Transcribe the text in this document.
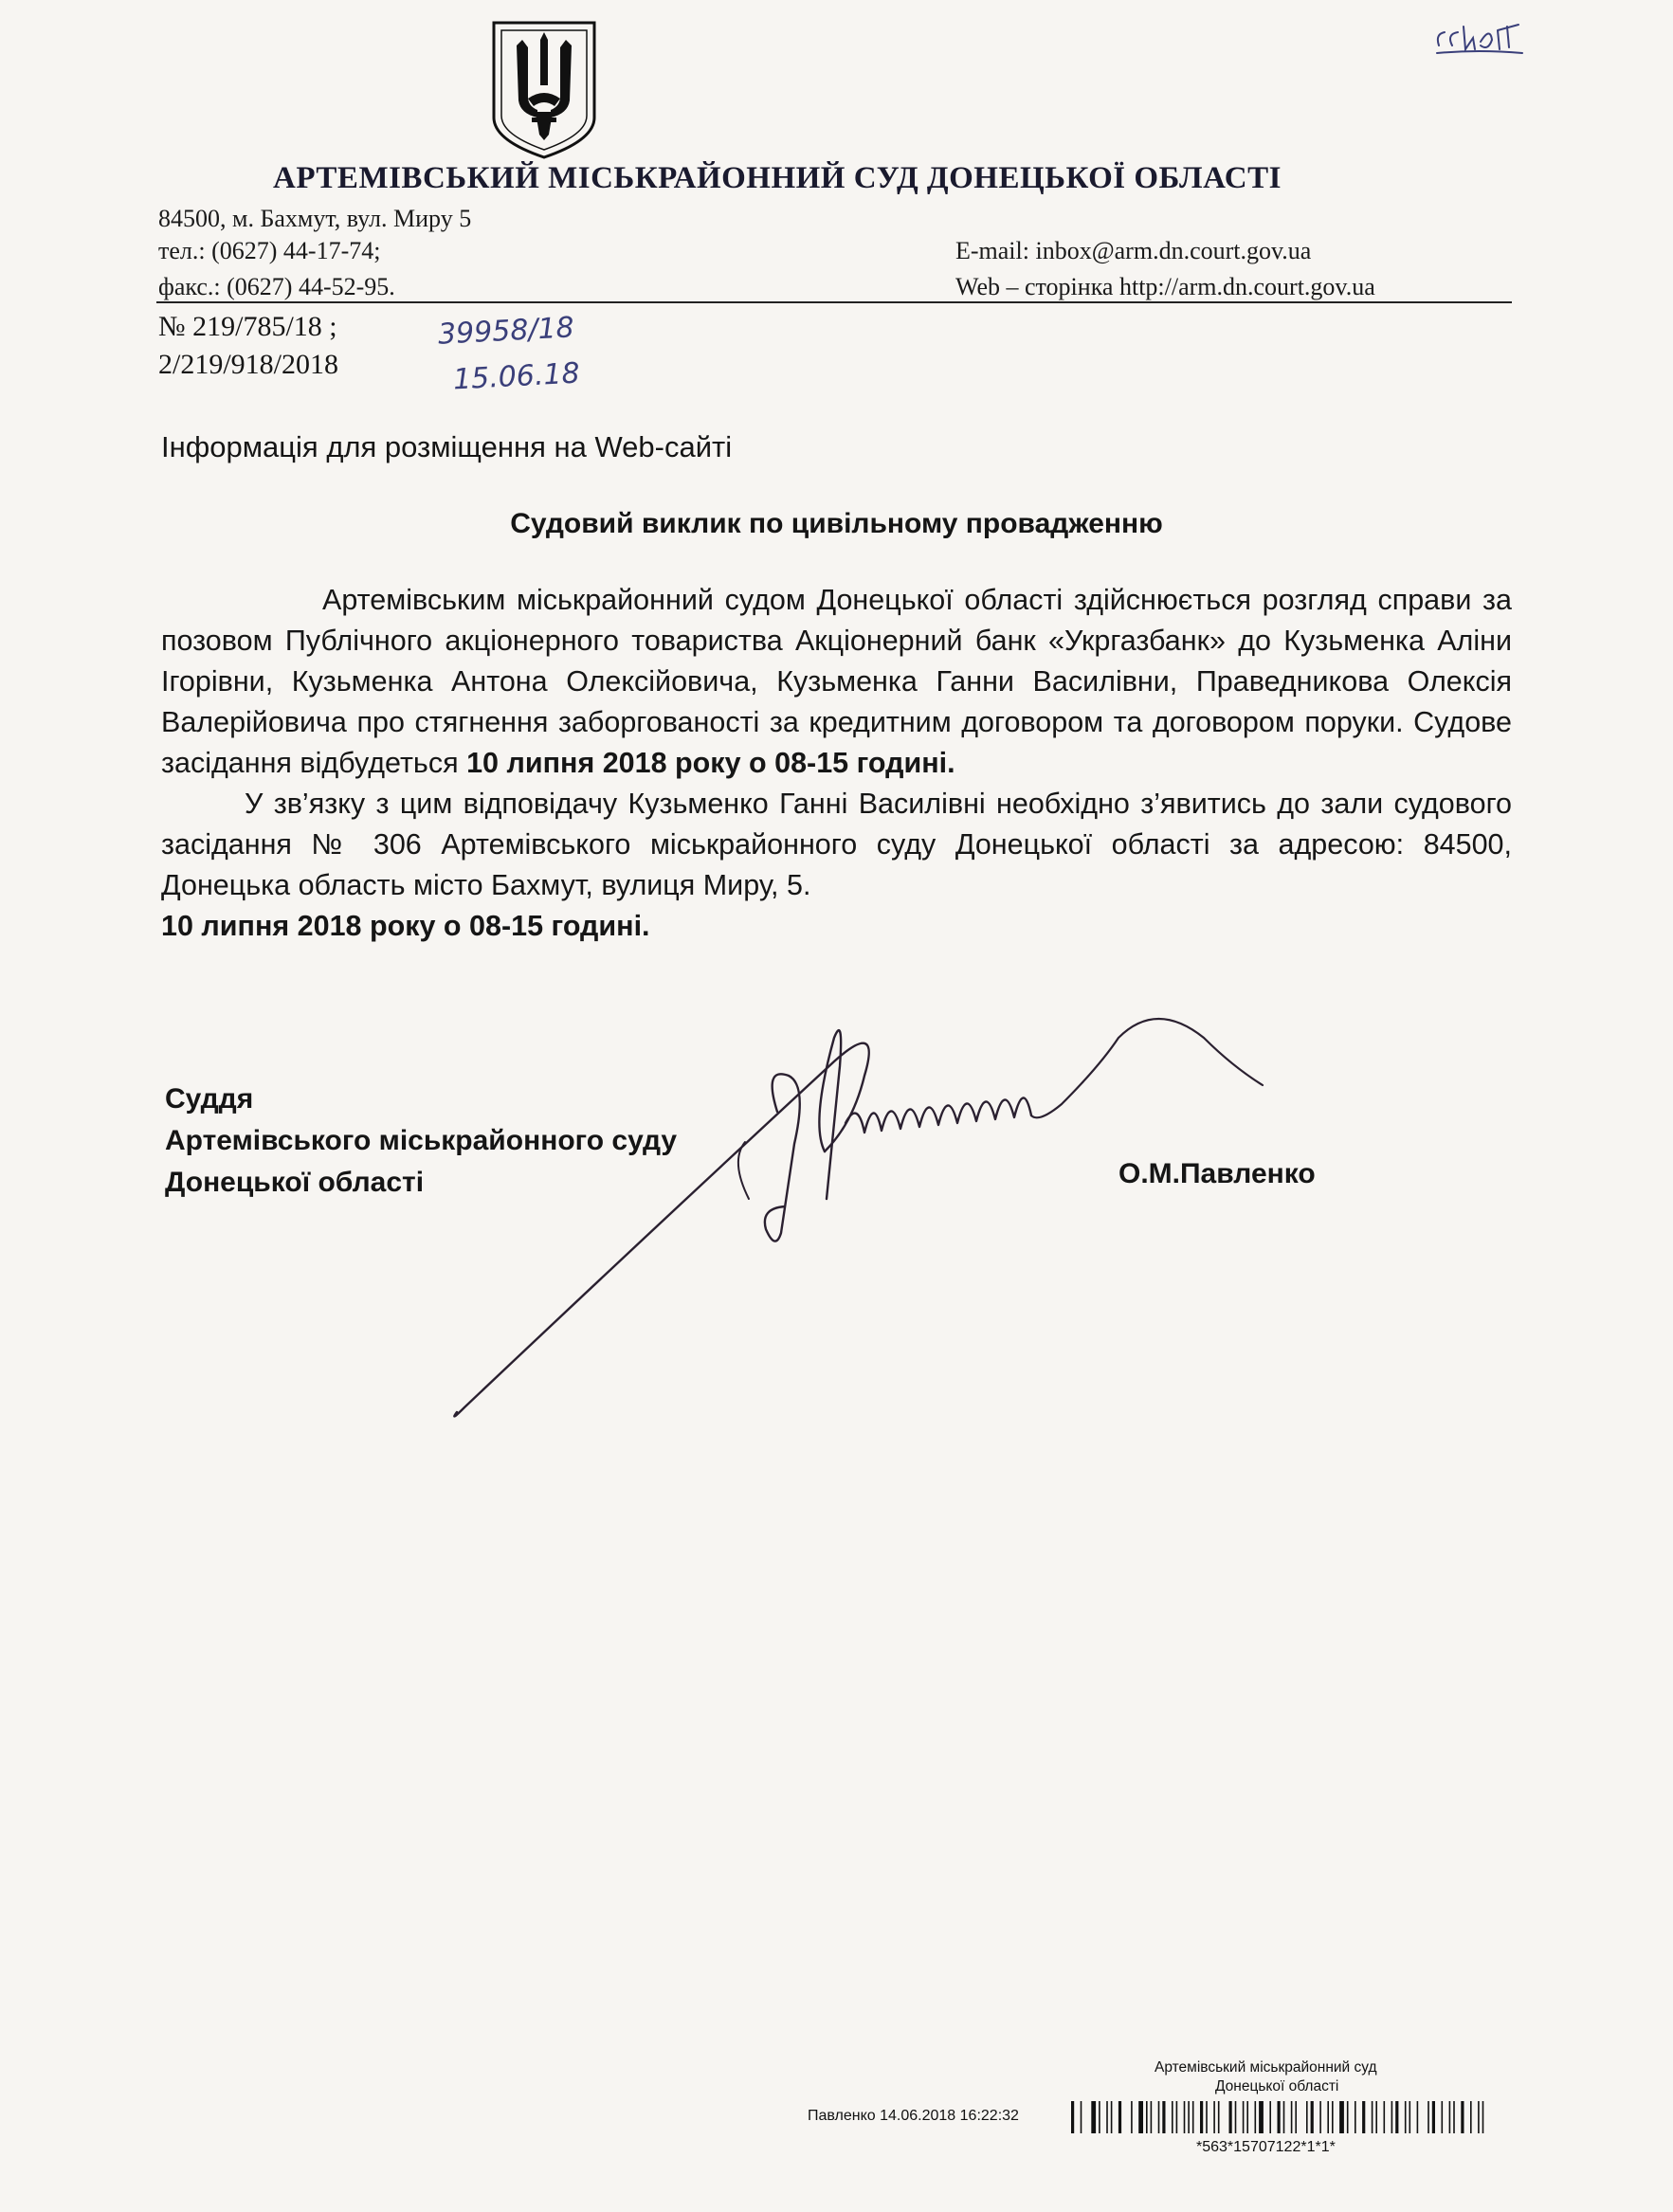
ccl5T
АРТЕМІВСЬКИЙ МІСЬКРАЙОННИЙ СУД ДОНЕЦЬКОЇ ОБЛАСТІ
84500, м. Бахмут, вул. Миру 5
тел.: (0627) 44-17-74;
факс.: (0627) 44-52-95.
E-mail: inbox@arm.dn.court.gov.ua
Web – сторінка http://arm.dn.court.gov.ua
№ 219/785/18 ;
2/219/918/2018
39958/18
15.06.18
Інформація для розміщення на Web-сайті
Судовий виклик по цивільному провадженню

Артемівським міськрайонний судом Донецької області здійснюється розгляд справи за позовом Публічного акціонерного товариства Акціонерний банк «Укргазбанк» до Кузьменка Аліни Ігорівни, Кузьменка Антона Олексійовича, Кузьменка Ганни Василівни, Праведникова Олексія Валерійовича про стягнення заборгованості за кредитним договором та договором поруки. Судове засідання відбудеться 10 липня 2018 року о 08-15 годині.

У зв’язку з цим відповідачу Кузьменко Ганні Василівні необхідно з’явитись до зали судового засідання № 306 Артемівського міськрайонного суду Донецької області за адресою: 84500, Донецька область місто Бахмут, вулиця Миру, 5.

10 липня 2018 року о 08-15 годині.

Суддя
Артемівського міськрайонного суду
Донецької області	О.М.Павленко
Артемівський міськрайонний суд
Донецької області
Павленко 14.06.2018 16:22:32
*563*15707122*1*1*
